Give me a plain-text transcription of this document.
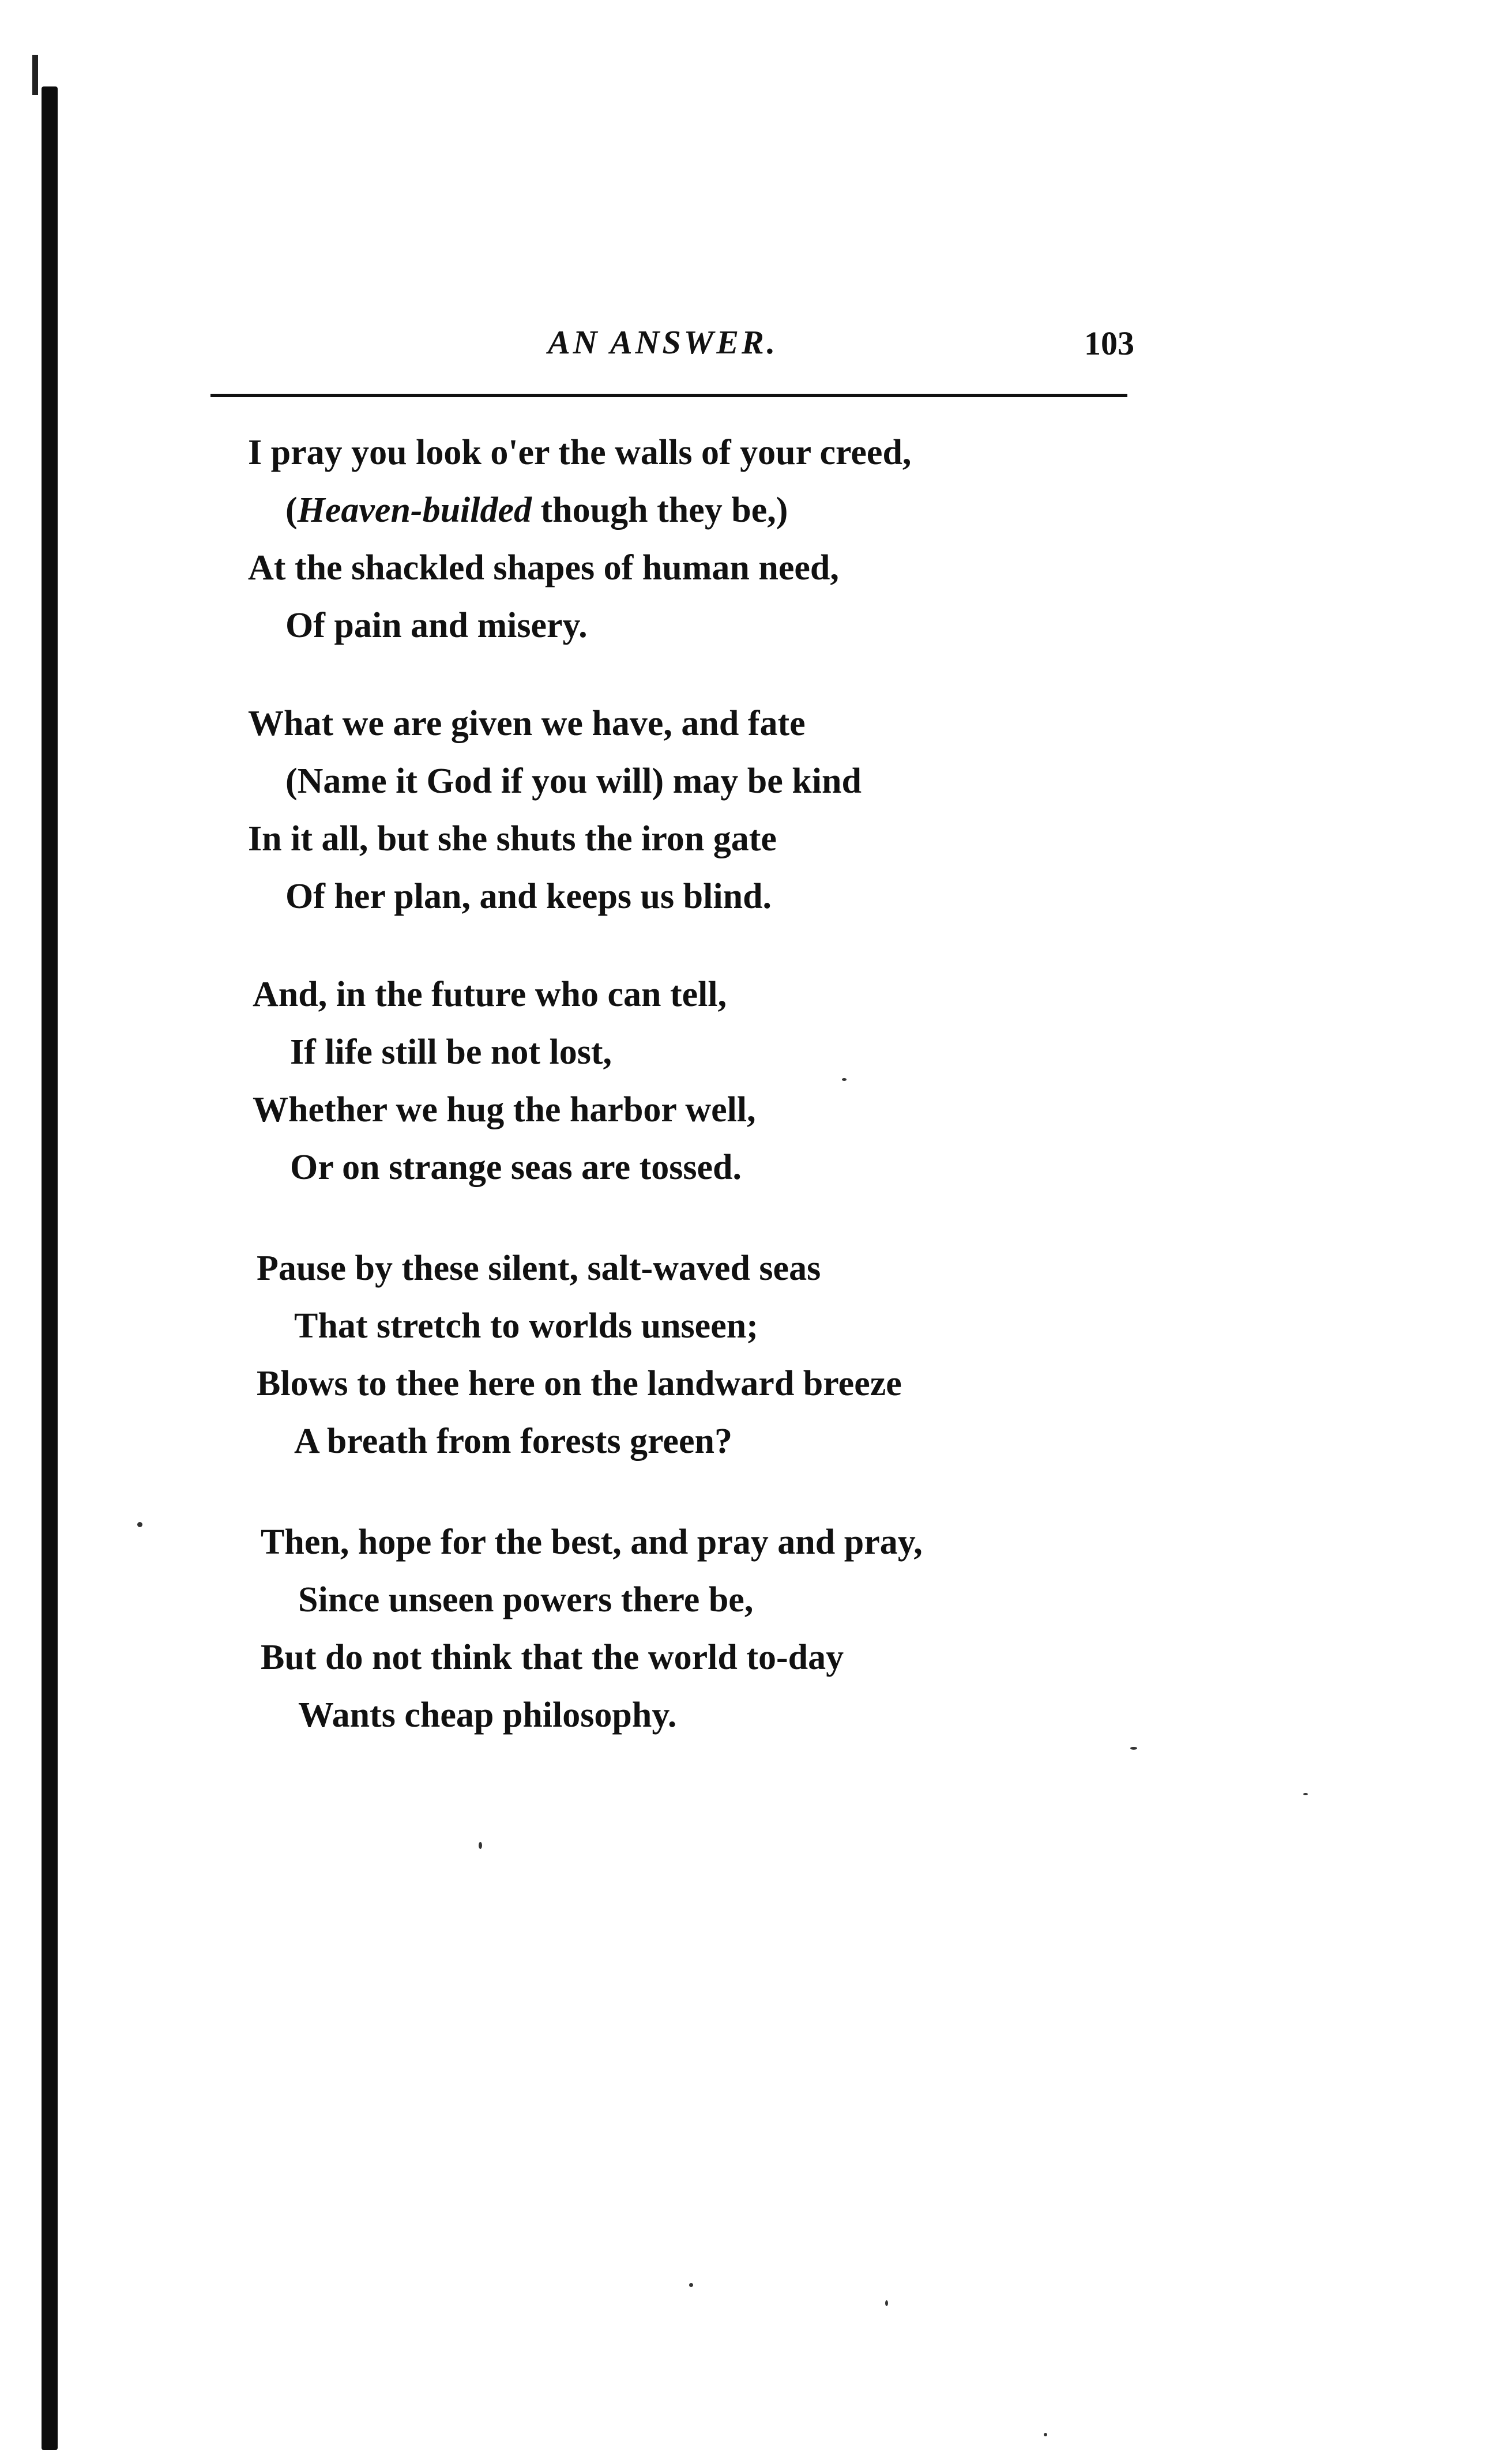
AN ANSWER.	103
I pray you look o'er the walls of your creed,
(Heaven-builded though they be,)
At the shackled shapes of human need,
Of pain and misery.
What we are given we have, and fate
(Name it God if you will) may be kind
In it all, but she shuts the iron gate
Of her plan, and keeps us blind.
And, in the future who can tell,
If life still be not lost,
Whether we hug the harbor well,
Or on strange seas are tossed.
Pause by these silent, salt-waved seas
That stretch to worlds unseen;
Blows to thee here on the landward breeze
A breath from forests green?
Then, hope for the best, and pray and pray,
Since unseen powers there be,
But do not think that the world to-day
Wants cheap philosophy.
